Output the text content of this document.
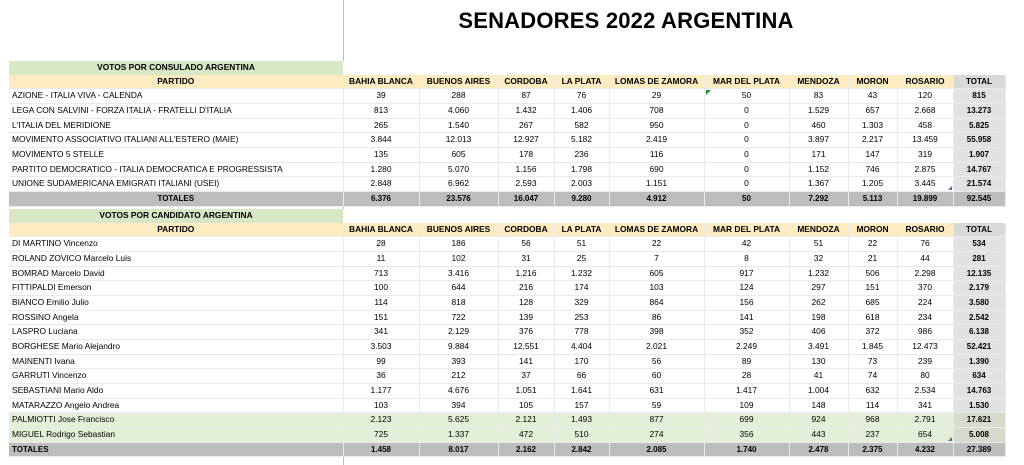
SENADORES 2022 ARGENTINA
VOTOS POR CONSULADO ARGENTINA										
PARTIDO	BAHIA BLANCA	BUENOS AIRES	CORDOBA	LA PLATA	LOMAS DE ZAMORA	MAR DEL PLATA	MENDOZA	MORON	ROSARIO	TOTAL
AZIONE - ITALIA VIVA - CALENDA	39	288	87	76	29	50	83	43	120	815
LEGA CON SALVINI - FORZA ITALIA - FRATELLI D'ITALIA	813	4.060	1.432	1.406	708	0	1.529	657	2.668	13.273
L'ITALIA DEL MERIDIONE	265	1.540	267	582	950	0	460	1.303	458	5.825
MOVIMENTO ASSOCIATIVO ITALIANI ALL'ESTERO (MAIE)	3.844	12.013	12.927	5.182	2.419	0	3.897	2.217	13.459	55.958
MOVIMENTO 5 STELLE	135	605	178	236	116	0	171	147	319	1.907
PARTITO DEMOCRATICO - ITALIA DEMOCRATICA E PROGRESSISTA	1.280	5.070	1.156	1.798	690	0	1.152	746	2.875	14.767
UNIONE SUDAMERICANA EMIGRATI ITALIANI (USEI)	2.848	6.962	2.593	2.003	1.151	0	1.367	1.205	3.445	21.574
TOTALES	6.376	23.576	16.047	9.280	4.912	50	7.292	5.113	19.899	92.545
VOTOS POR CANDIDATO ARGENTINA										
PARTIDO	BAHIA BLANCA	BUENOS AIRES	CORDOBA	LA PLATA	LOMAS DE ZAMORA	MAR DEL PLATA	MENDOZA	MORON	ROSARIO	TOTAL
DI MARTINO Vincenzo	28	186	56	51	22	42	51	22	76	534
ROLAND ZOVICO Marcelo Luis	11	102	31	25	7	8	32	21	44	281
BOMRAD Marcelo David	713	3.416	1.216	1.232	605	917	1.232	506	2.298	12.135
FITTIPALDI Emerson	100	644	216	174	103	124	297	151	370	2.179
BIANCO Emilio Julio	114	818	128	329	864	156	262	685	224	3.580
ROSSINO Angela	151	722	139	253	86	141	198	618	234	2.542
LASPRO Luciana	341	2.129	376	778	398	352	406	372	986	6.138
BORGHESE Mario Alejandro	3.503	9.884	12.551	4.404	2.021	2.249	3.491	1.845	12.473	52.421
MAINENTI Ivana	99	393	141	170	56	89	130	73	239	1.390
GARRUTI Vincenzo	36	212	37	66	60	28	41	74	80	634
SEBASTIANI Mario Aldo	1.177	4.676	1.051	1.641	631	1.417	1.004	632	2.534	14.763
MATARAZZO Angelo Andrea	103	394	105	157	59	109	148	114	341	1.530
PALMIOTTI Jose Francisco	2.123	5.625	2.121	1.493	877	699	924	968	2.791	17.621
MIGUEL Rodrigo Sebastian	725	1.337	472	510	274	356	443	237	654	5.008
TOTALES	1.458	8.017	2.162	2.842	2.085	1.740	2.478	2.375	4.232	27.389
